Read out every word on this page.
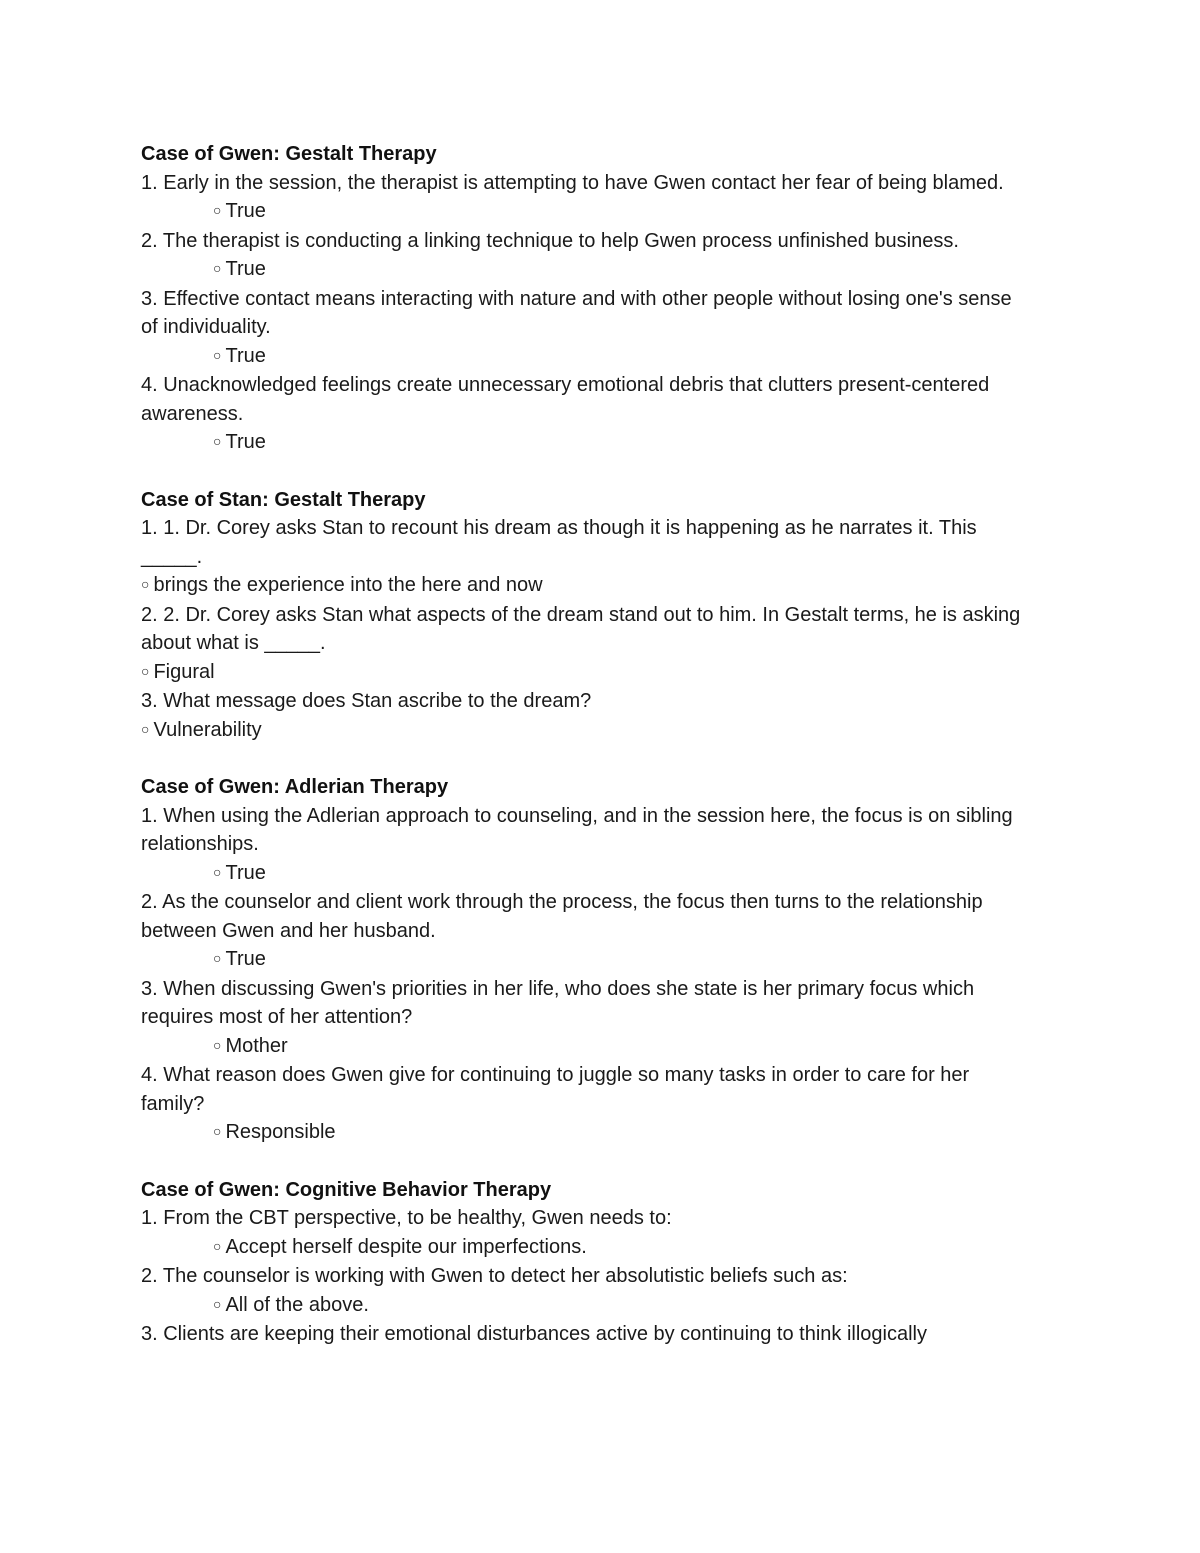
Case of Gwen: Gestalt Therapy

1. Early in the session, the therapist is attempting to have Gwen contact her fear of being blamed.

○ True

2. The therapist is conducting a linking technique to help Gwen process unfinished business.

○ True

3. Effective contact means interacting with nature and with other people without losing one's sense of individuality.

○ True

4. Unacknowledged feelings create unnecessary emotional debris that clutters present-centered awareness.

○ True

Case of Stan: Gestalt Therapy

1. 1. Dr. Corey asks Stan to recount his dream as though it is happening as he narrates it. This _____.

○ brings the experience into the here and now

2. 2. Dr. Corey asks Stan what aspects of the dream stand out to him. In Gestalt terms, he is asking about what is _____.

○ Figural

3. What message does Stan ascribe to the dream?

○ Vulnerability

Case of Gwen: Adlerian Therapy

1. When using the Adlerian approach to counseling, and in the session here, the focus is on sibling relationships.

○ True

2. As the counselor and client work through the process, the focus then turns to the relationship between Gwen and her husband.

○ True

3. When discussing Gwen's priorities in her life, who does she state is her primary focus which requires most of her attention?

○ Mother

4. What reason does Gwen give for continuing to juggle so many tasks in order to care for her family?

○ Responsible

Case of Gwen: Cognitive Behavior Therapy

1. From the CBT perspective, to be healthy, Gwen needs to:

○ Accept herself despite our imperfections.

2. The counselor is working with Gwen to detect her absolutistic beliefs such as:

○ All of the above.

3. Clients are keeping their emotional disturbances active by continuing to think illogically
